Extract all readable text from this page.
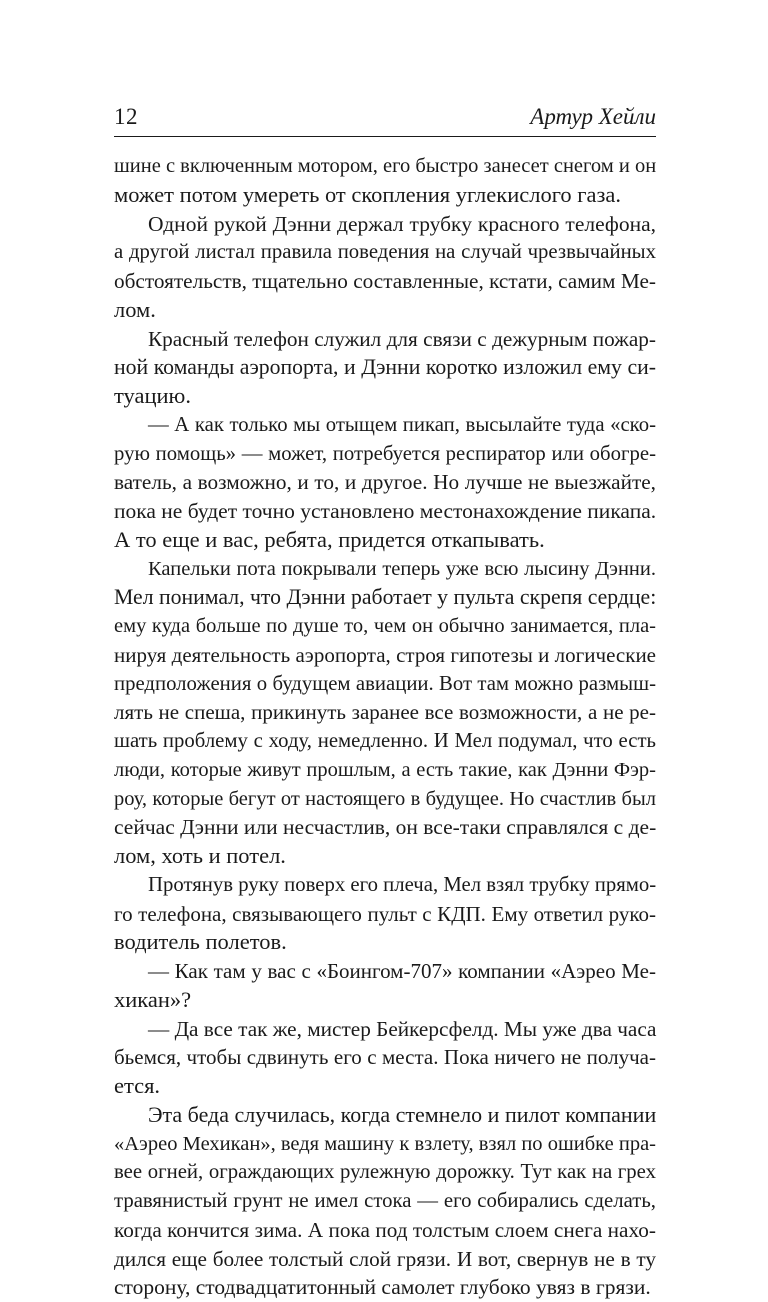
12	Артур Хейли
шине с включенным мотором, его быстро занесет снегом и он
может потом умереть от скопления углекислого газа.
Одной рукой Дэнни держал трубку красного телефона,
а другой листал правила поведения на случай чрезвычайных
обстоятельств, тщательно составленные, кстати, самим Ме-
лом.
Красный телефон служил для связи с дежурным пожар-
ной команды аэропорта, и Дэнни коротко изложил ему си-
туацию.
— А как только мы отыщем пикап, высылайте туда «ско-
рую помощь» — может, потребуется респиратор или обогре-
ватель, а возможно, и то, и другое. Но лучше не выезжайте,
пока не будет точно установлено местонахождение пикапа.
А то еще и вас, ребята, придется откапывать.
Капельки пота покрывали теперь уже всю лысину Дэнни.
Мел понимал, что Дэнни работает у пульта скрепя сердце:
ему куда больше по душе то, чем он обычно занимается, пла-
нируя деятельность аэропорта, строя гипотезы и логические
предположения о будущем авиации. Вот там можно размыш-
лять не спеша, прикинуть заранее все возможности, а не ре-
шать проблему с ходу, немедленно. И Мел подумал, что есть
люди, которые живут прошлым, а есть такие, как Дэнни Фэр-
роу, которые бегут от настоящего в будущее. Но счастлив был
сейчас Дэнни или несчастлив, он все-таки справлялся с де-
лом, хоть и потел.
Протянув руку поверх его плеча, Мел взял трубку прямо-
го телефона, связывающего пульт с КДП. Ему ответил руко-
водитель полетов.
— Как там у вас с «Боингом-707» компании «Аэрео Ме-
хикан»?
— Да все так же, мистер Бейкерсфелд. Мы уже два часа
бьемся, чтобы сдвинуть его с места. Пока ничего не получа-
ется.
Эта беда случилась, когда стемнело и пилот компании
«Аэрео Мехикан», ведя машину к взлету, взял по ошибке пра-
вее огней, ограждающих рулежную дорожку. Тут как на грех
травянистый грунт не имел стока — его собирались сделать,
когда кончится зима. А пока под толстым слоем снега нахо-
дился еще более толстый слой грязи. И вот, свернув не в ту
сторону, стодвадцатитонный самолет глубоко увяз в грязи.
